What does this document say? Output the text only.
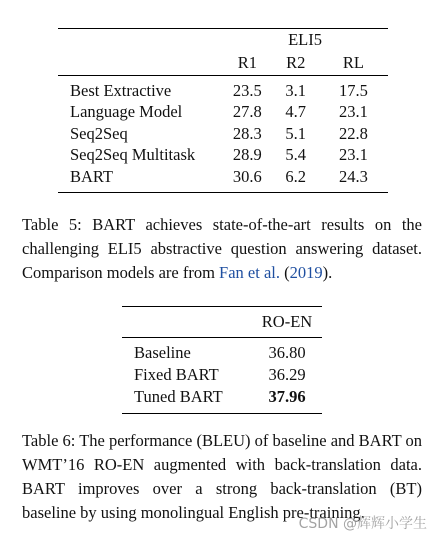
	ELI5		
	R1	R2	RL
Best Extractive	23.5	3.1	17.5
Language Model	27.8	4.7	23.1
Seq2Seq	28.3	5.1	22.8
Seq2Seq Multitask	28.9	5.4	23.1
BART	30.6	6.2	24.3
Table 5: BART achieves state-of-the-art results on the challenging ELI5 abstractive question answering dataset. Comparison models are from Fan et al. (2019).
	RO-EN
Baseline	36.80
Fixed BART	36.29
Tuned BART	37.96
Table 6: The performance (BLEU) of baseline and BART on WMT’16 RO-EN augmented with back-translation data. BART improves over a strong back-translation (BT) baseline by using monolingual English pre-training.
CSDN @辉辉小学生
